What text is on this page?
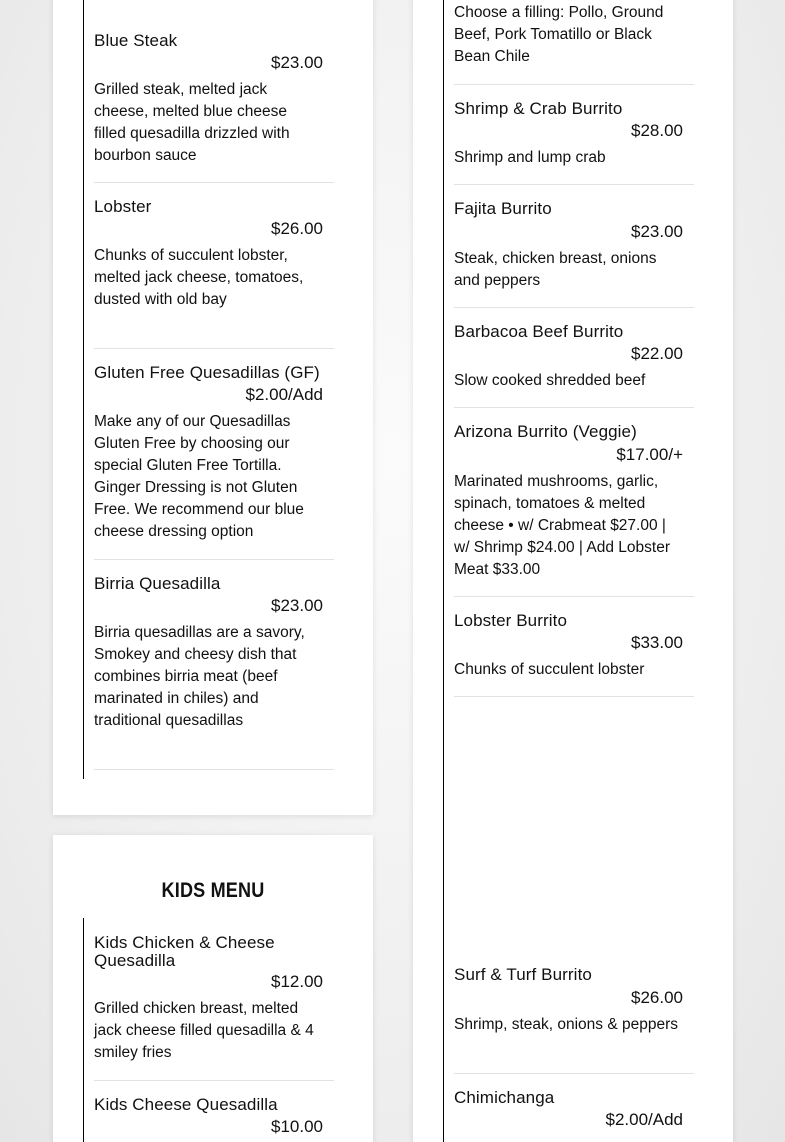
Blue Steak
$23.00
Grilled steak, melted jack cheese, melted blue cheese filled quesadilla drizzled with bourbon sauce
Lobster
$26.00
Chunks of succulent lobster, melted jack cheese, tomatoes, dusted with old bay
Gluten Free Quesadillas (GF)
$2.00/Add
Make any of our Quesadillas Gluten Free by choosing our special Gluten Free Tortilla. Ginger Dressing is not Gluten Free. We recommend our blue cheese dressing option
Birria Quesadilla
$23.00
Birria quesadillas are a savory, Smokey and cheesy dish that combines birria meat (beef marinated in chiles) and traditional quesadillas
KIDS MENU
Kids Chicken & Cheese Quesadilla
$12.00
Grilled chicken breast, melted jack cheese filled quesadilla & 4 smiley fries
Kids Cheese Quesadilla
$10.00
Choose a filling: Pollo, Ground Beef, Pork Tomatillo or Black Bean Chile
Shrimp & Crab Burrito
$28.00
Shrimp and lump crab
Fajita Burrito
$23.00
Steak, chicken breast, onions and peppers
Barbacoa Beef Burrito
$22.00
Slow cooked shredded beef
Arizona Burrito (Veggie)
$17.00/+
Marinated mushrooms, garlic, spinach, tomatoes & melted cheese • w/ Crabmeat $27.00 | w/ Shrimp $24.00 | Add Lobster Meat $33.00
Lobster Burrito
$33.00
Chunks of succulent lobster
Surf & Turf Burrito
$26.00
Shrimp, steak, onions & peppers
Chimichanga
$2.00/Add
